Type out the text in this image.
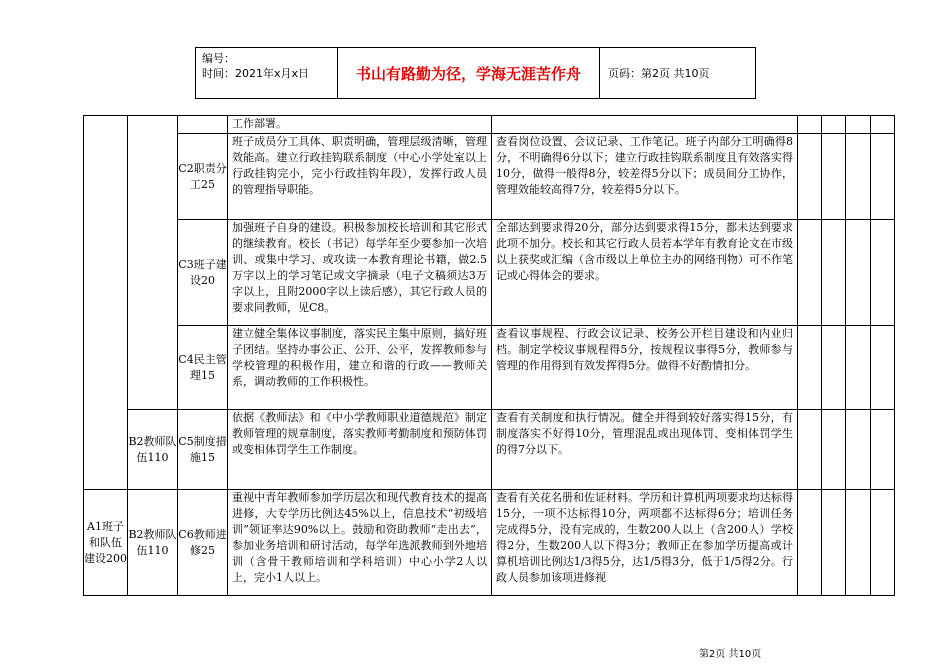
编号：
时间：2021年x月x日	书山有路勤为径，学海无涯苦作舟	页码：第2页 共10页
			工作部署。					
		C2职责分工25	班子成员分工具体、职责明确，管理层级清晰，管理效能高。建立行政挂钩联系制度（中心小学处室以上行政挂钩完小，完小行政挂钩年段），发挥行政人员的管理指导职能。	查看岗位设置、会议记录、工作笔记。班子内部分工明确得8分，不明确得6分以下；建立行政挂钩联系制度且有效落实得10分，做得一般得8分，较差得5分以下；成员间分工协作，管理效能较高得7分，较差得5分以下。				
		C3班子建设20	加强班子自身的建设。积极参加校长培训和其它形式的继续教育。校长（书记）每学年至少要参加一次培训、或集中学习、或攻读一本教育理论书籍，做2.5万字以上的学习笔记或文字摘录（电子文稿须达3万字以上，且附2000字以上读后感），其它行政人员的要求同教师，见C8。	全部达到要求得20分，部分达到要求得15分，都未达到要求此项不加分。校长和其它行政人员若本学年有教育论文在市级以上获奖或汇编（含市级以上单位主办的网络刊物）可不作笔记或心得体会的要求。				
		C4民主管理15	建立健全集体议事制度，落实民主集中原则，搞好班子团结。坚持办事公正、公开、公平，发挥教师参与学校管理的积极作用，建立和谐的行政——教师关系，调动教师的工作积极性。	查看议事规程、行政会议记录、校务公开栏目建设和内业归档。制定学校议事规程得5分，按规程议事得5分，教师参与管理的作用得到有效发挥得5分。做得不好酌情扣分。				
	B2教师队伍110	C5制度措施15	依据《教师法》和《中小学教师职业道德规范》制定教师管理的规章制度，落实教师考勤制度和预防体罚或变相体罚学生工作制度。	查看有关制度和执行情况。健全并得到较好落实得15分，有制度落实不好得10分，管理混乱或出现体罚、变相体罚学生的得7分以下。				
A1班子和队伍建设200	B2教师队伍110	C6教师进修25	重视中青年教师参加学历层次和现代教育技术的提高进修，大专学历比例达45%以上，信息技术“初级培训”领证率达90%以上。鼓励和资助教师“走出去”，参加业务培训和研讨活动，每学年选派教师到外地培训（含骨干教师培训和学科培训）中心小学2人以上，完小1人以上。	查看有关花名册和佐证材料。学历和计算机两项要求均达标得15分，一项不达标得10分，两项都不达标得6分；培训任务完成得5分，没有完成的，生数200人以上（含200人）学校得2分，生数200人以下得3分；教师正在参加学历提高或计算机培训比例达1/3得5分，达1/5得3分，低于1/5得2分。行政人员参加该项进修视				
第2页 共10页
